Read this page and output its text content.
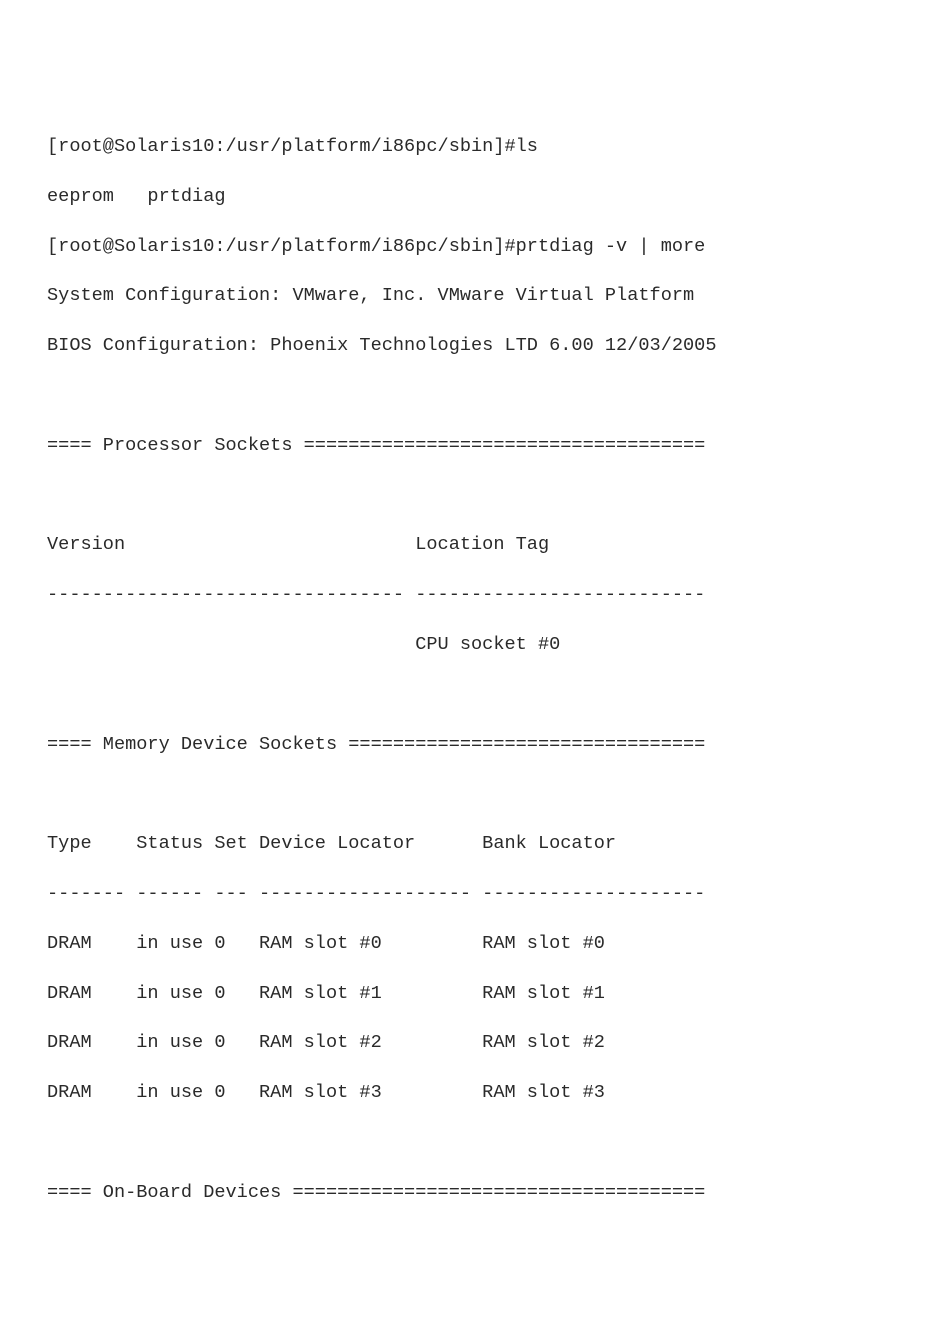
[root@Solaris10:/usr/platform/i86pc/sbin]#ls
eeprom   prtdiag
[root@Solaris10:/usr/platform/i86pc/sbin]#prtdiag -v | more
System Configuration: VMware, Inc. VMware Virtual Platform
BIOS Configuration: Phoenix Technologies LTD 6.00 12/03/2005
==== Processor Sockets ====================================
Version                          Location Tag
-------------------------------- --------------------------
CPU socket #0
==== Memory Device Sockets ================================
Type    Status Set Device Locator      Bank Locator
------- ------ --- ------------------- --------------------
DRAM    in use 0   RAM slot #0         RAM slot #0
DRAM    in use 0   RAM slot #1         RAM slot #1
DRAM    in use 0   RAM slot #2         RAM slot #2
DRAM    in use 0   RAM slot #3         RAM slot #3
==== On-Board Devices =====================================
